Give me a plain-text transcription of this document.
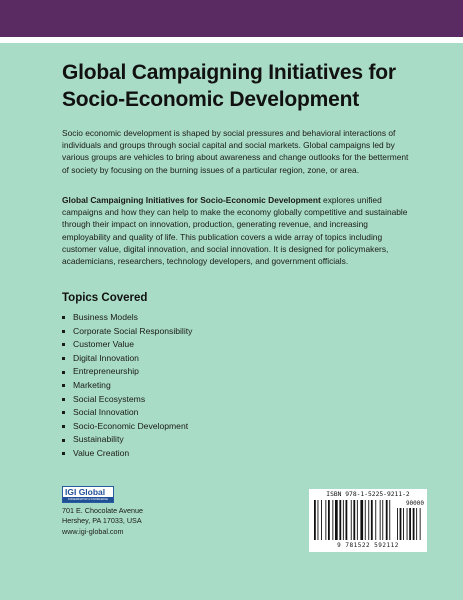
Global Campaigning Initiatives for
Socio-Economic Development

Socio economic development is shaped by social pressures and behavioral interactions of individuals and groups through social capital and social markets. Global campaigns led by various groups are vehicles to bring about awareness and change outlooks for the betterment of society by focusing on the burning issues of a particular region, zone, or area.

Global Campaigning Initiatives for Socio-Economic Development explores unified campaigns and how they can help to make the economy globally competitive and sustainable through their impact on innovation, production, generating revenue, and increasing employability and quality of life. This publication covers a wide array of topics including customer value, digital innovation, and social innovation. It is designed for policymakers, academicians, researchers, technology developers, and government officials.

Topics Covered
Business Models
Corporate Social Responsibility
Customer Value
Digital Innovation
Entrepreneurship
Marketing
Social Ecosystems
Social Innovation
Socio-Economic Development
Sustainability
Value Creation
IGI Global
DISSEMINATOR of KNOWLEDGE
701 E. Chocolate Avenue
Hershey, PA 17033, USA
www.igi-global.com
ISBN 978-1-5225-9211-2
90000
9 781522 592112
